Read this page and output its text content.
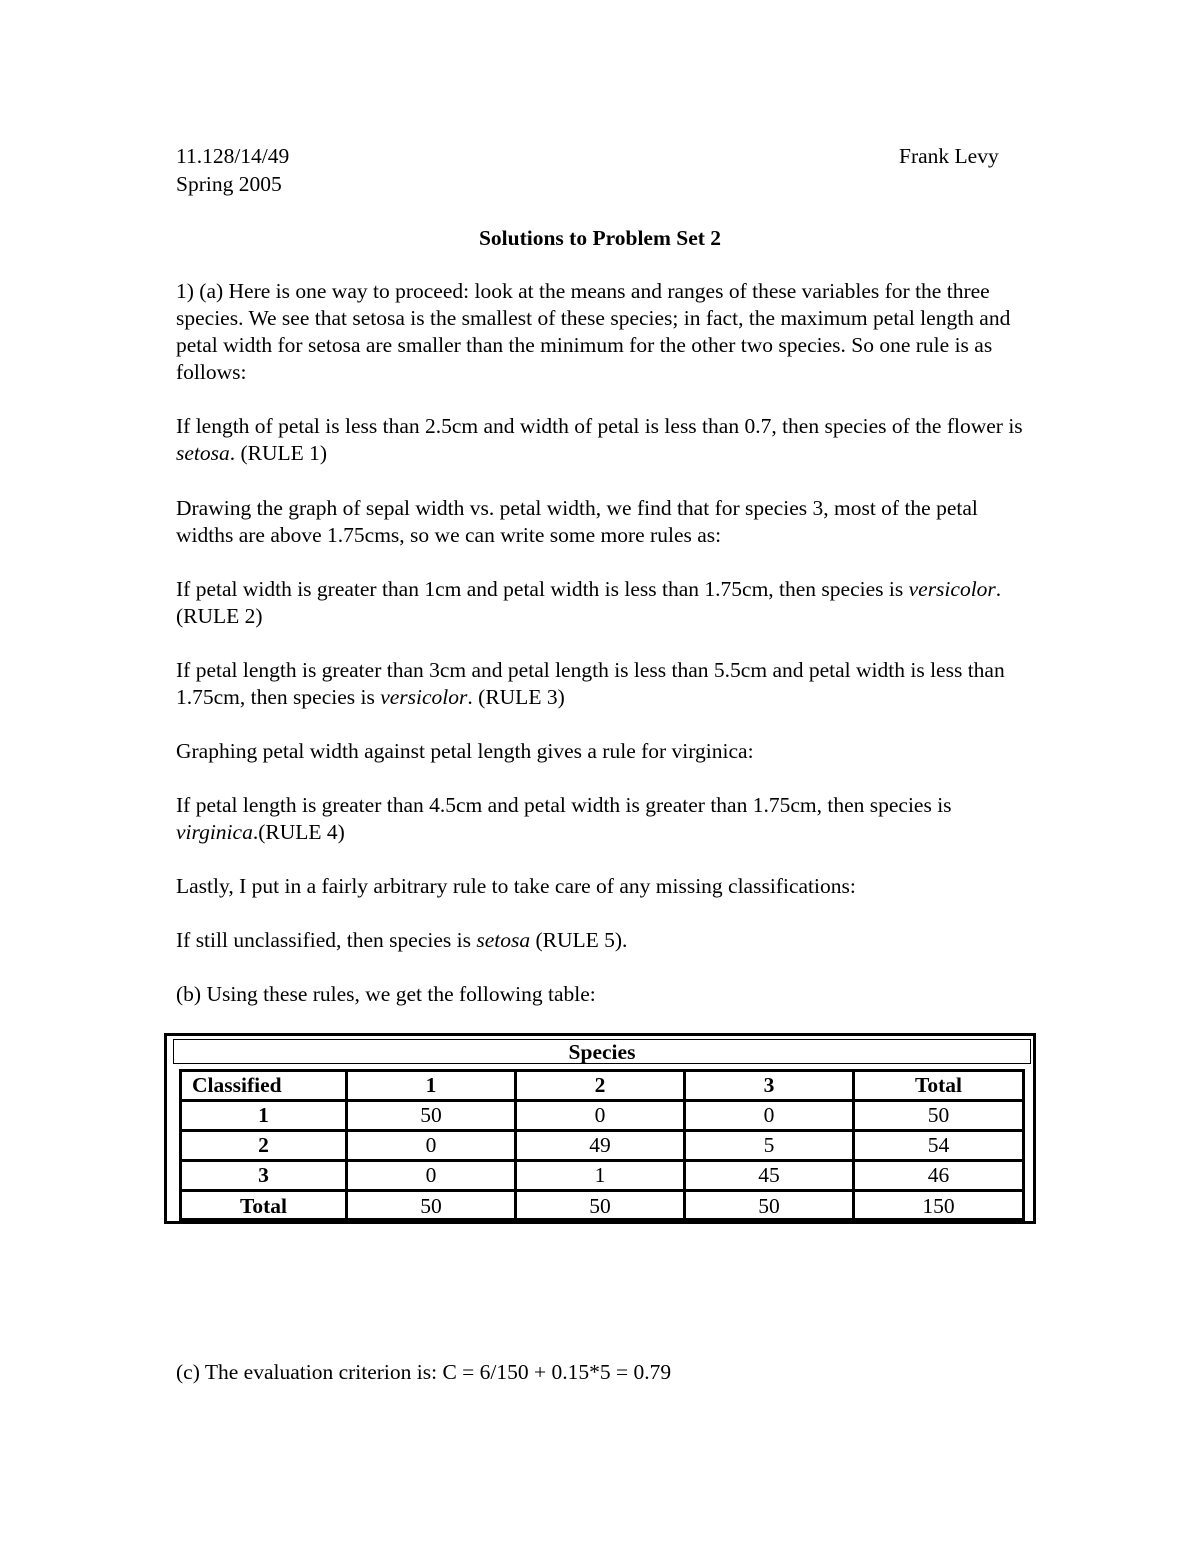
11.128/14/49	Frank Levy
Spring 2005
Solutions to Problem Set 2
1) (a) Here is one way to proceed: look at the means and ranges of these variables for the three species. We see that setosa is the smallest of these species; in fact, the maximum petal length and petal width for setosa are smaller than the minimum for the other two species. So one rule is as follows:
If length of petal is less than 2.5cm and width of petal is less than 0.7, then species of the flower is setosa. (RULE 1)
Drawing the graph of sepal width vs. petal width, we find that for species 3, most of the petal widths are above 1.75cms, so we can write some more rules as:
If petal width is greater than 1cm and petal width is less than 1.75cm, then species is versicolor. (RULE 2)
If petal length is greater than 3cm and petal length is less than 5.5cm and petal width is less than 1.75cm, then species is versicolor. (RULE 3)
Graphing petal width against petal length gives a rule for virginica:
If petal length is greater than 4.5cm and petal width is greater than 1.75cm, then species is virginica.(RULE 4)
Lastly, I put in a fairly arbitrary rule to take care of any missing classifications:
If still unclassified, then species is setosa (RULE 5).
(b) Using these rules, we get the following table:
Species
Classified	1	2	3	Total
1	50	0	0	50
2	0	49	5	54
3	0	1	45	46
Total	50	50	50	150
(c) The evaluation criterion is: C = 6/150 + 0.15*5 = 0.79
